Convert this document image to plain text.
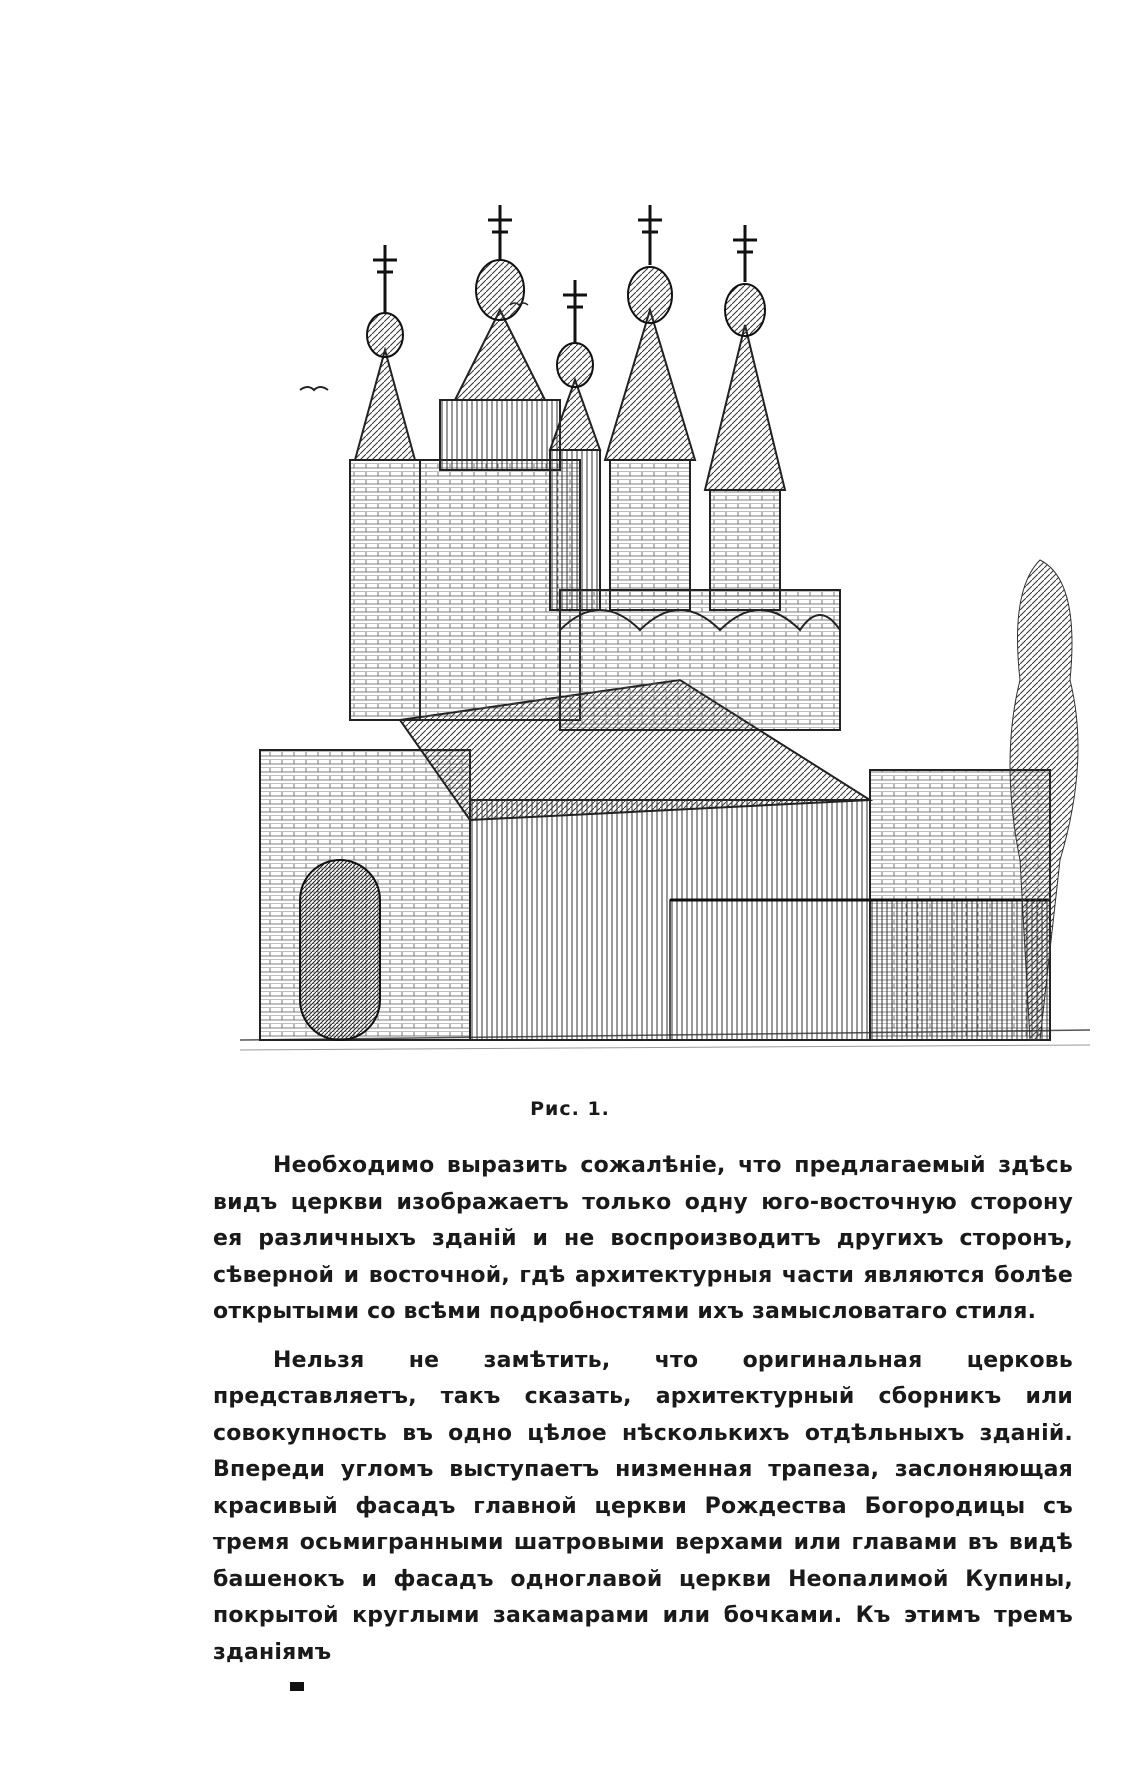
Рис. 1.

Необходимо выразить сожалѣніе, что предлагаемый здѣсь видъ церкви изображаетъ только одну юго-восточную сторону ея различныхъ зданій и не воспроизводитъ другихъ сторонъ, сѣверной и восточной, гдѣ архитектурныя части являются болѣе открытыми со всѣми подробностями ихъ замысловатаго стиля.

Нельзя не замѣтить, что оригинальная церковь представляетъ, такъ сказать, архитектурный сборникъ или совокупность въ одно цѣлое нѣсколькихъ отдѣльныхъ зданій. Впереди угломъ выступаетъ низменная трапеза, заслоняющая красивый фасадъ главной церкви Рождества Богородицы съ тремя осьмигранными шатровыми верхами или главами въ видѣ башенокъ и фасадъ одноглавой церкви Неопалимой Купины, покрытой круглыми закамарами или бочками. Къ этимъ тремъ зданіямъ
